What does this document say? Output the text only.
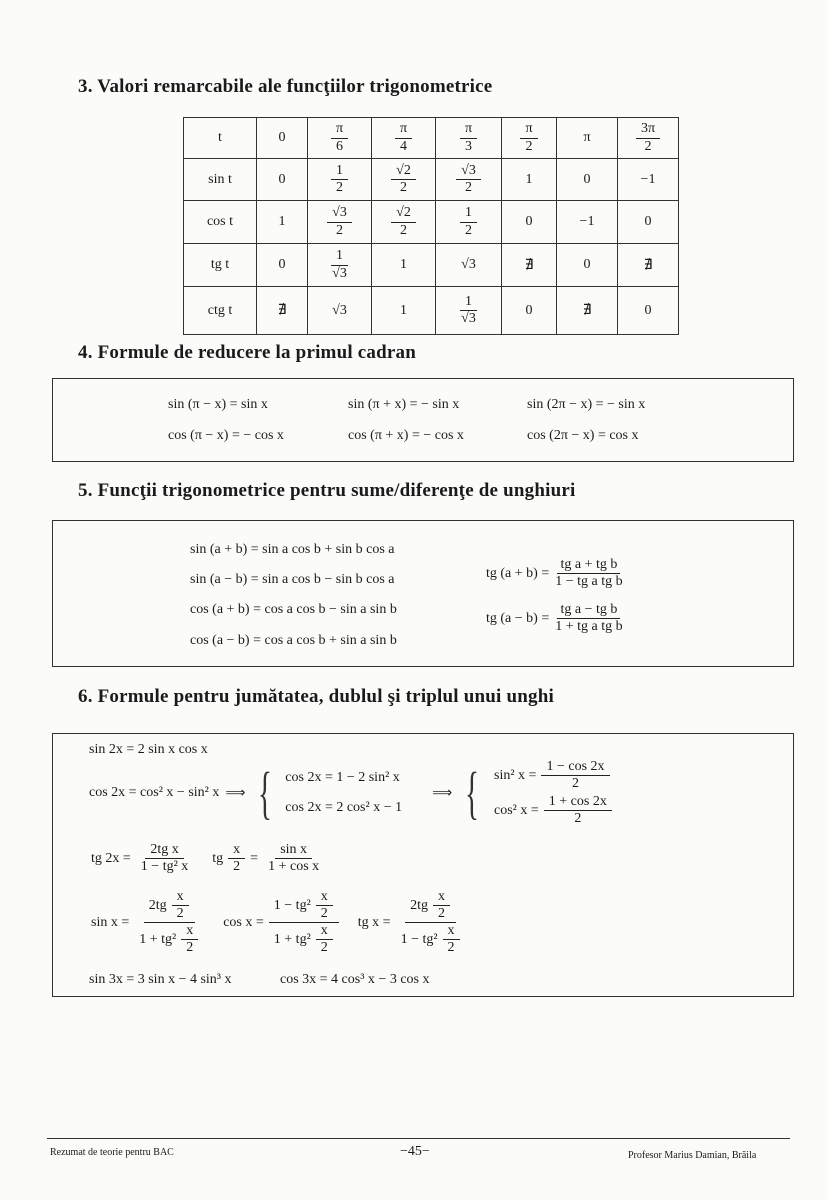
3. Valori remarcabile ale funcţiilor trigonometrice
t	0	$\frac{\pi}{6}$	$\frac{\pi}{4}$	$\frac{\pi}{3}$	$\frac{\pi}{2}$	π	$\frac{3\pi}{2}$

sin t	0	$\frac{1}{2}$	$\frac{√2}{2}$	$\frac{√3}{2}$	1	0	−1
cos t	1	$\frac{√3}{2}$	$\frac{√2}{2}$	$\frac{1}{2}$	0	−1	0
tg t	0	$\frac{1}{√3}$	1	√3	∄	0	∄
ctg t	∄	√3	1	$\frac{1}{√3}$	0	∄	0
4. Formule de reducere la primul cadran
sin (π − x) = sin x	sin (π + x) = − sin x	sin (2π − x) = − sin x
cos (π − x) = − cos x	cos (π + x) = − cos x	cos (2π − x) = cos x
5. Funcţii trigonometrice pentru sume/diferenţe de unghiuri
sin (a + b) = sin a cos b + sin b cos a
sin (a − b) = sin a cos b − sin b cos a
cos (a + b) = cos a cos b − sin a sin b
cos (a − b) = cos a cos b + sin a sin b
tg $(a + b) = \frac{\text{tg a + tg b}}{\text{1 − tg a tg b}}$
tg $(a - b) = \frac{\text{tg a − tg b}}{\text{1 + tg a tg b}}$
6. Formule pentru jumătatea, dublul şi triplul unui unghi
sin 2x = 2 sin x cos x
cos 2x = cos² x − sin² x ⟹ { cos 2x = 1 − 2 sin² x
cos 2x = 2 cos² x − 1
⟹ { sin² $x = \frac{1 - \cos 2x}{2}$
cos² $x = \frac{1 + \cos 2x}{2}$
tg $2x = \frac{\text{2tg x}}{\text{1 − tg² x}}$  tg $\frac{x}{2} = \frac{\text{sin x}}{\text{1 + cos x}}$
$\sin x = \frac{2tg \frac{x}{2}}{1 + tg^2 \frac{x}{2}}$  $\cos x = \frac{1 - tg^2 \frac{x}{2}}{1 + tg^2 \frac{x}{2}}$  tg $x = \frac{2tg \frac{x}{2}}{1 - tg^2 \frac{x}{2}}$
sin 3x = 3 sin x − 4 sin³ x	cos 3x = 4 cos³ x − 3 cos x
Rezumat de teorie pentru BAC	−45−	Profesor Marius Damian, Brăila
